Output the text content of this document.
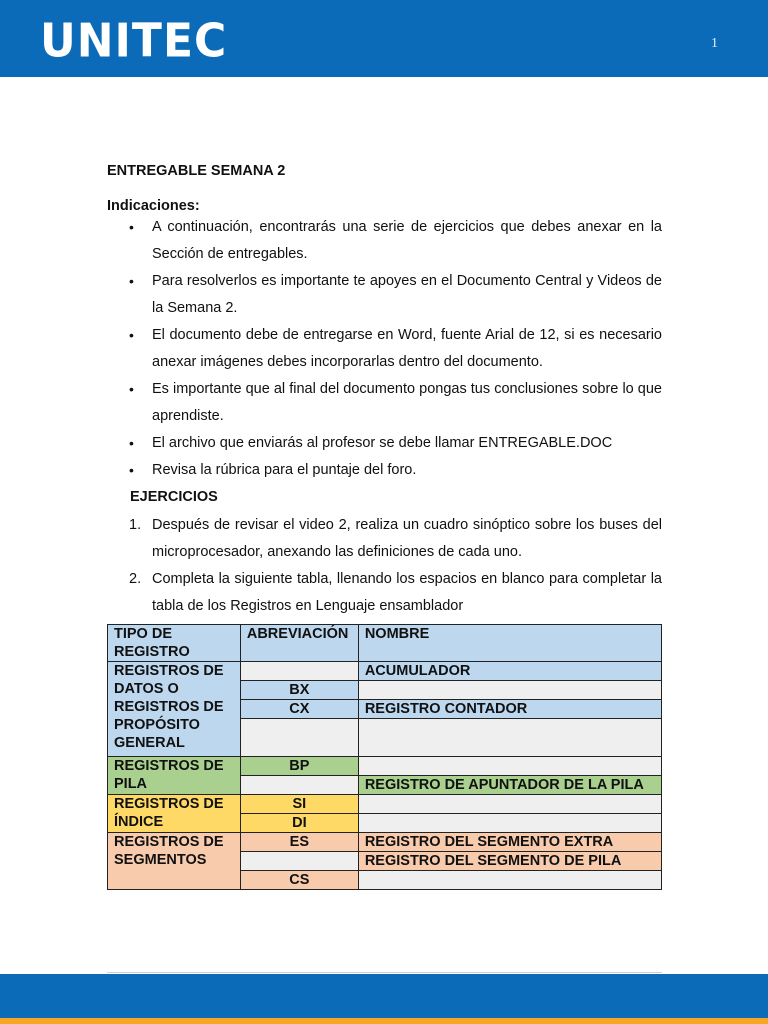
UNITEC	1
ENTREGABLE SEMANA 2
Indicaciones:
• A continuación, encontrarás una serie de ejercicios que debes anexar en la Sección de entregables.
• Para resolverlos es importante te apoyes en el Documento Central y Videos de la Semana 2.
• El documento debe de entregarse en Word, fuente Arial de 12, si es necesario anexar imágenes debes incorporarlas dentro del documento.
• Es importante que al final del documento pongas tus conclusiones sobre lo que aprendiste.
• El archivo que enviarás al profesor se debe llamar ENTREGABLE.DOC
• Revisa la rúbrica para el puntaje del foro.
EJERCICIOS
1. Después de revisar el video 2, realiza un cuadro sinóptico sobre los buses del microprocesador, anexando las definiciones de cada uno.
2. Completa la siguiente tabla, llenando los espacios en blanco para completar la tabla de los Registros en Lenguaje ensamblador
TIPO DE REGISTRO	ABREVIACIÓN	NOMBRE
REGISTROS DE DATOS O REGISTROS DE PROPÓSITO GENERAL		ACUMULADOR
	BX	
	CX	REGISTRO CONTADOR

REGISTROS DE PILA	BP	
		REGISTRO DE APUNTADOR DE LA PILA
REGISTROS DE ÍNDICE	SI	
	DI	
REGISTROS DE SEGMENTOS	ES	REGISTRO DEL SEGMENTO EXTRA
		REGISTRO DEL SEGMENTO DE PILA
	CS	
